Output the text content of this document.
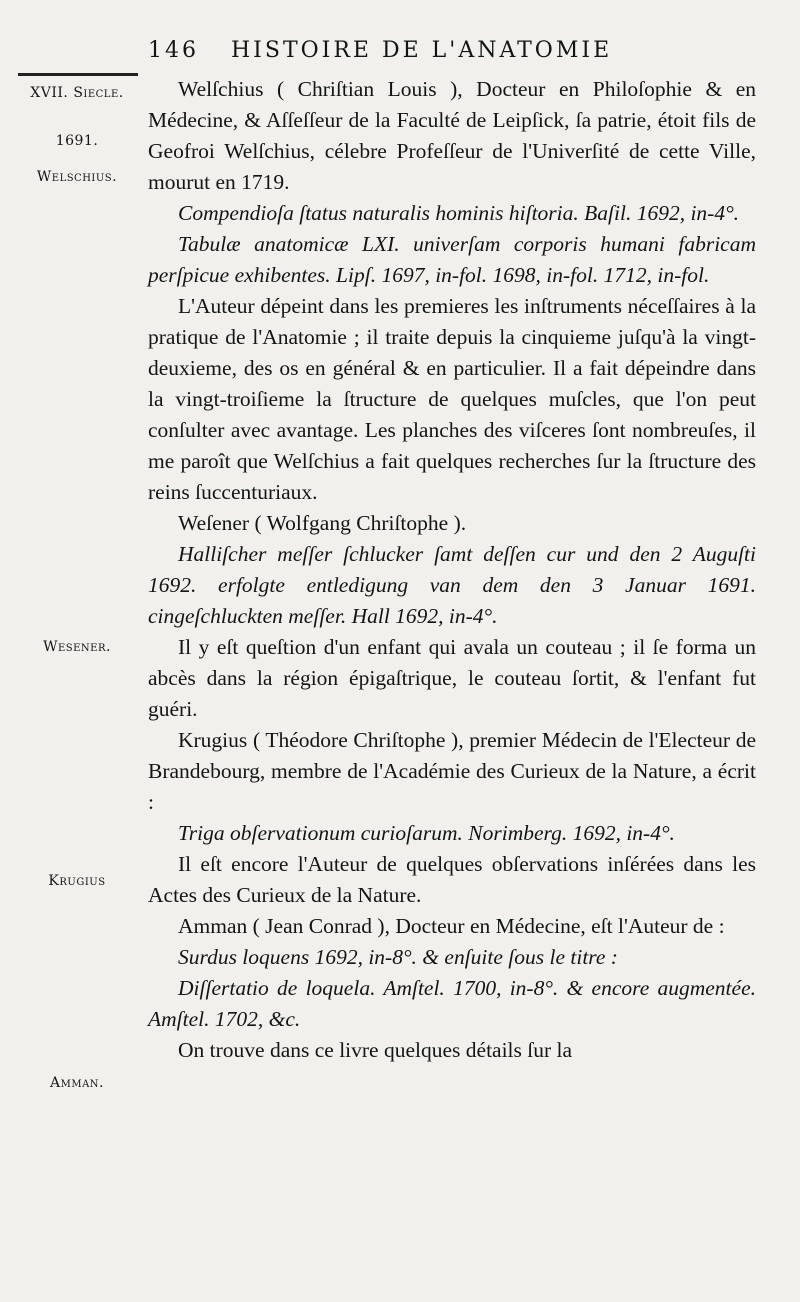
146 HISTOIRE DE L'ANATOMIE
XVII. Siecle.
1691.
Welschius.
Wesener.
Krugius
Amman.

Welſchius ( Chriſtian Louis ), Docteur en Philoſophie & en Médecine, & Aſſeſſeur de la Faculté de Leipſick, ſa patrie, étoit fils de Geofroi Welſchius, célebre Profeſſeur de l'Univerſité de cette Ville, mourut en 1719.

Compendioſa ſtatus naturalis hominis hiſtoria. Baſil. 1692, in-4°.

Tabulæ anatomicæ LXI. univerſam corporis humani fabricam perſpicue exhibentes. Lipſ. 1697, in-fol. 1698, in-fol. 1712, in-fol.

L'Auteur dépeint dans les premieres les inſtruments néceſſaires à la pratique de l'Anatomie ; il traite depuis la cinquieme juſqu'à la vingt-deuxieme, des os en général & en particulier. Il a fait dépeindre dans la vingt-troiſieme la ſtructure de quelques muſcles, que l'on peut conſulter avec avantage. Les planches des viſceres ſont nombreuſes, il me paroît que Welſchius a fait quelques recherches ſur la ſtructure des reins ſuccenturiaux.

Weſener ( Wolfgang Chriſtophe ).

Halliſcher meſſer ſchlucker ſamt deſſen cur und den 2 Auguſti 1692. erfolgte entledigung van dem den 3 Januar 1691. cingeſchluckten meſſer. Hall 1692, in-4°.

Il y eſt queſtion d'un enfant qui avala un couteau ; il ſe forma un abcès dans la région épigaſtrique, le couteau ſortit, & l'enfant fut guéri.

Krugius ( Théodore Chriſtophe ), premier Médecin de l'Electeur de Brandebourg, membre de l'Académie des Curieux de la Nature, a écrit :

Triga obſervationum curioſarum. Norimberg. 1692, in-4°.

Il eſt encore l'Auteur de quelques obſervations inſérées dans les Actes des Curieux de la Nature.

Amman ( Jean Conrad ), Docteur en Médecine, eſt l'Auteur de :

Surdus loquens 1692, in-8°. & enſuite ſous le titre :

Diſſertatio de loquela. Amſtel. 1700, in-8°. & encore augmentée. Amſtel. 1702, &c.

On trouve dans ce livre quelques détails ſur la
